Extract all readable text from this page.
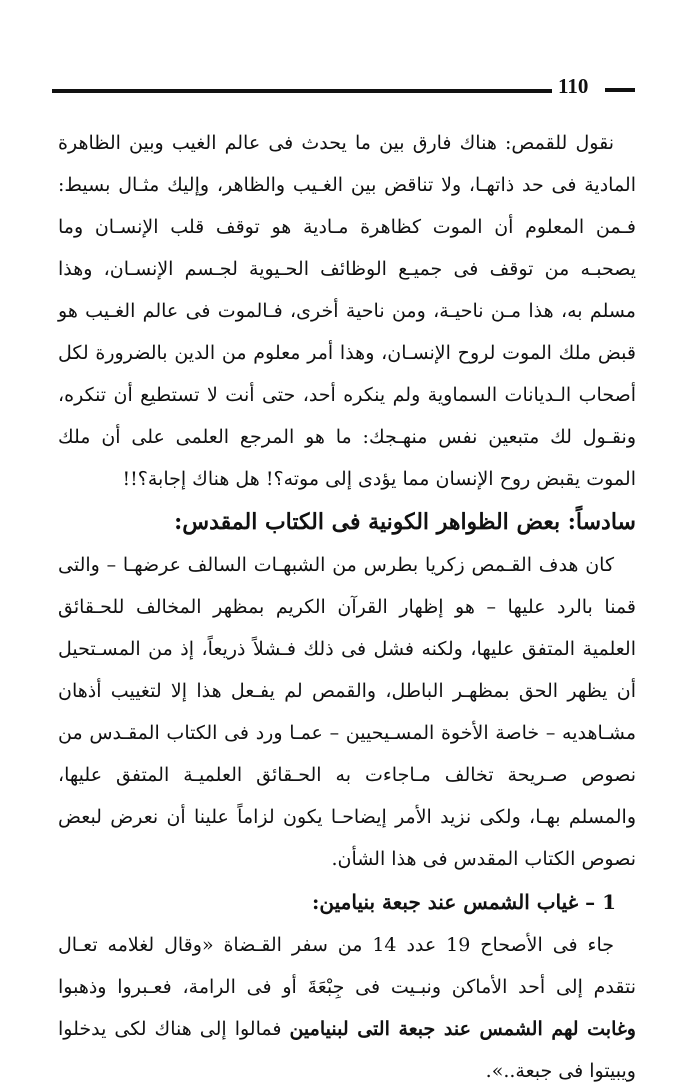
110

نقول للقمص: هناك فارق بين ما يحدث فى عالم الغيب وبين الظاهرة المادية فى حد ذاتهـا، ولا تناقض بين الغـيب والظاهر، وإليك مثـال بسيط: فـمن المعلوم أن الموت كظاهرة مـادية هو توقف قلب الإنسـان وما يصحبـه من توقف فى جميـع الوظائف الحـيوية لجـسم الإنسـان، وهذا مسلم به، هذا مـن ناحيـة، ومن ناحية أخرى، فـالموت فى عالم الغـيب هو قبض ملك الموت لروح الإنسـان، وهذا أمر معلوم من الدين بالضرورة لكل أصحاب الـديانات السماوية ولم ينكره أحد، حتى أنت لا تستطيع أن تنكره، ونقـول لك متبعين نفس منهـجك: ما هو المرجع العلمى على أن ملك الموت يقبض روح الإنسان مما يؤدى إلى موته؟! هل هناك إجابة؟!!

سادساً: بعض الظواهر الكونية فى الكتاب المقدس:

كان هدف القـمص زكريا بطرس من الشبهـات السالف عرضهـا – والتى قمنا بالرد عليها – هو إظهار القرآن الكريم بمظهر المخالف للحـقائق العلمية المتفق عليها، ولكنه فشل فى ذلك فـشلاً ذريعاً، إذ من المسـتحيل أن يظهر الحق بمظهـر الباطل، والقمص لم يفـعل هذا إلا لتغييب أذهان مشـاهديه – خاصة الأخوة المسـيحيين – عمـا ورد فى الكتاب المقـدس من نصوص صـريحة تخالف مـاجاءت به الحـقائق العلميـة المتفق عليها، والمسلم بهـا، ولكى نزيد الأمر إيضاحـا يكون لزاماً علينا أن نعرض لبعض نصوص الكتاب المقدس فى هذا الشأن.

1 – غياب الشمس عند جبعة بنيامين:

جاء فى الأصحاح 19 عدد 14 من سفر القـضاة «وقال لغلامه تعـال نتقدم إلى أحد الأماكن ونبـيت فى جِبْعَةَ أو فى الرامة، فعـبروا وذهبوا وغابت لهم الشمس عند جبعة التى لبنيامين فمالوا إلى هناك لكى يدخلوا ويبيتوا فى جبعة..».
